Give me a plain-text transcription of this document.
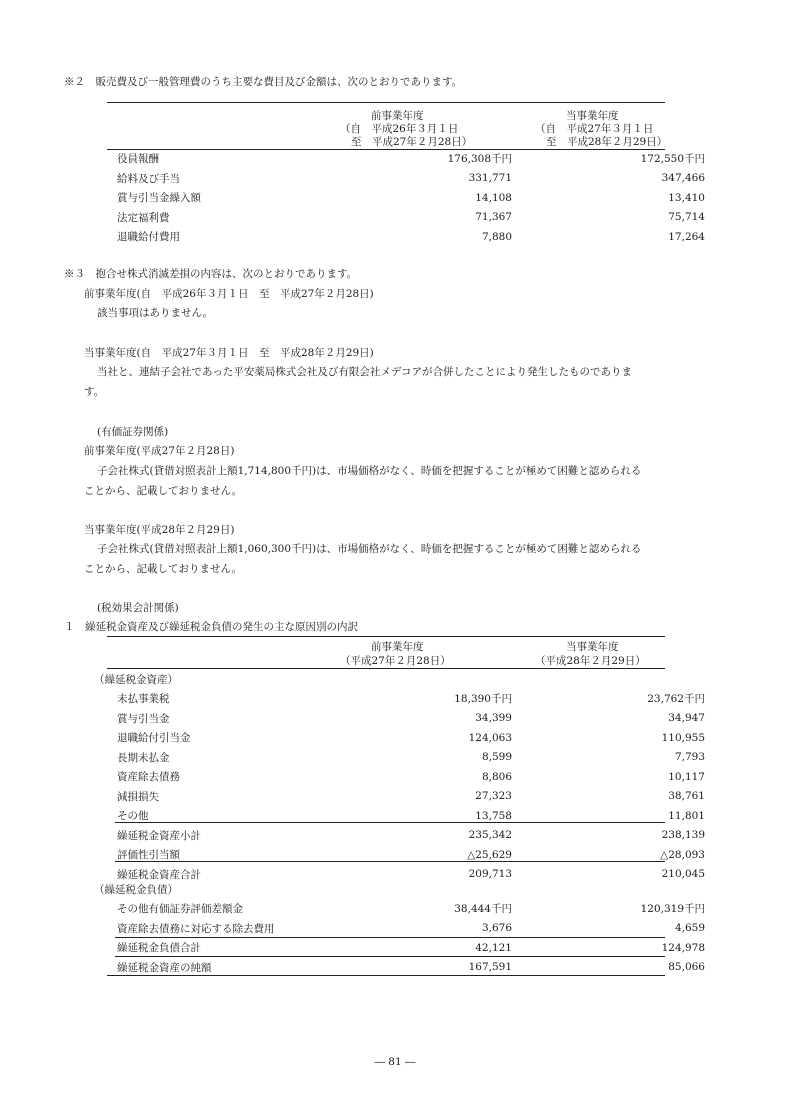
※２　販売費及び一般管理費のうち主要な費目及び金額は、次のとおりであります。
前事業年度
（自　平成26年３月１日
至　平成27年２月28日）
当事業年度
（自　平成27年３月１日
至　平成28年２月29日）
役員報酬	176,308千円	172,550千円
給料及び手当	331,771	347,466
賞与引当金繰入額	14,108	13,410
法定福利費	71,367	75,714
退職給付費用	7,880	17,264
※３　抱合せ株式消滅差損の内容は、次のとおりであります。
前事業年度(自　平成26年３月１日　至　平成27年２月28日)
該当事項はありません。
当事業年度(自　平成27年３月１日　至　平成28年２月29日)
当社と、連結子会社であった平安薬局株式会社及び有限会社メデコアが合併したことにより発生したものでありま
す。
(有価証券関係)
前事業年度(平成27年２月28日)
子会社株式(貸借対照表計上額1,714,800千円)は、市場価格がなく、時価を把握することが極めて困難と認められる
ことから、記載しておりません。
当事業年度(平成28年２月29日)
子会社株式(貸借対照表計上額1,060,300千円)は、市場価格がなく、時価を把握することが極めて困難と認められる
ことから、記載しておりません。
(税効果会計関係)
１　繰延税金資産及び繰延税金負債の発生の主な原因別の内訳
前事業年度
（平成27年２月28日）
当事業年度
（平成28年２月29日）
（繰延税金資産）
未払事業税	18,390千円	23,762千円
賞与引当金	34,399	34,947
退職給付引当金	124,063	110,955
長期未払金	8,599	7,793
資産除去債務	8,806	10,117
減損損失	27,323	38,761
その他	13,758	11,801
繰延税金資産小計	235,342	238,139
評価性引当額	△25,629	△28,093
繰延税金資産合計	209,713	210,045
（繰延税金負債）
その他有価証券評価差額金	38,444千円	120,319千円
資産除去債務に対応する除去費用	3,676	4,659
繰延税金負債合計	42,121	124,978
繰延税金資産の純額	167,591	85,066
― 81 ―
